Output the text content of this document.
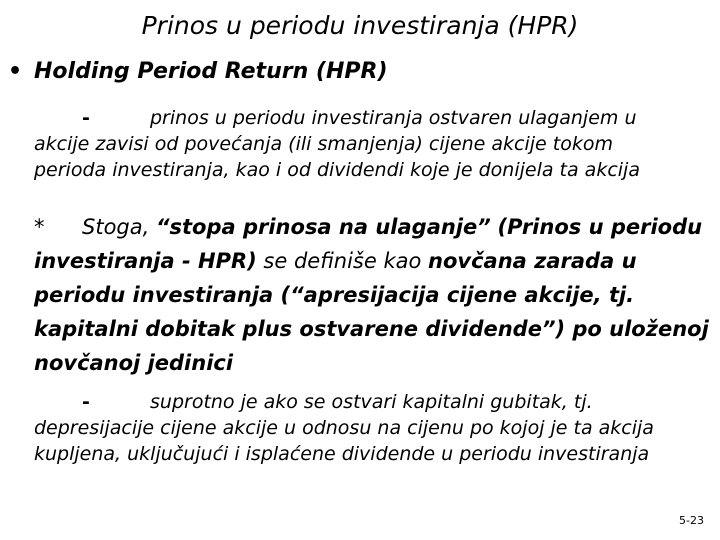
Prinos u periodu investiranja (HPR)
• Holding Period Return (HPR)
-	prinos u periodu investiranja ostvaren ulaganjem u
akcije zavisi od povećanja (ili smanjenja) cijene akcije tokom
perioda investiranja, kao i od dividendi koje je donijela ta akcija
* Stoga, “stopa prinosa na ulaganje” (Prinos u periodu
investiranja - HPR) se definiše kao novčana zarada u
periodu investiranja (“apresijacija cijene akcije, tj.
kapitalni dobitak plus ostvarene dividende”) po uloženoj
novčanoj jedinici
-	suprotno je ako se ostvari kapitalni gubitak, tj.
depresijacije cijene akcije u odnosu na cijenu po kojoj je ta akcija
kupljena, uključujući i isplaćene dividende u periodu investiranja
5-23
